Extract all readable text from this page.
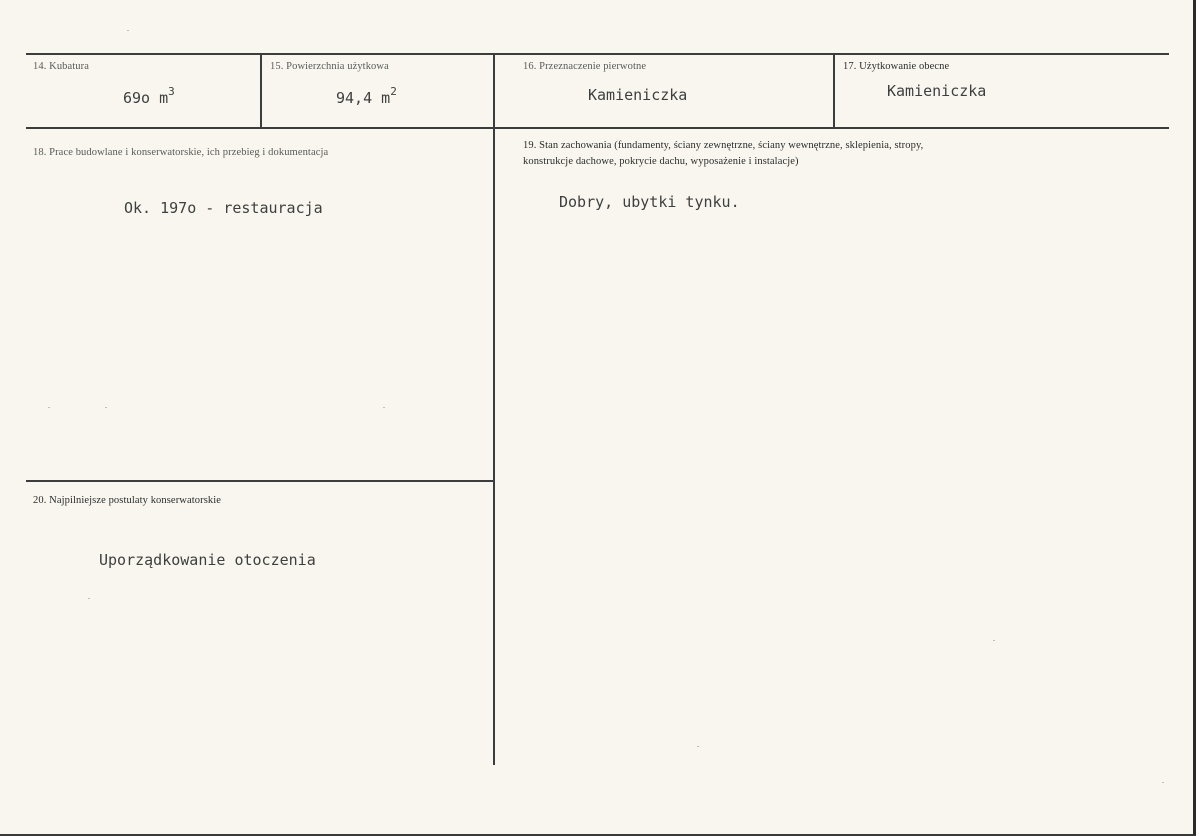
14. Kubatura
69o $m^3$
15. Powierzchnia użytkowa
94,4 $m^2$
16. Przeznaczenie pierwotne
Kamieniczka
17. Użytkowanie obecne
Kamieniczka
18. Prace budowlane i konserwatorskie, ich przebieg i dokumentacja
Ok. 197o - restauracja
19. Stan zachowania (fundamenty, ściany zewnętrzne, ściany wewnętrzne, sklepienia, stropy,
konstrukcje dachowe, pokrycie dachu, wyposażenie i instalacje)
Dobry, ubytki tynku.
20. Najpilniejsze postulaty konserwatorskie
Uporządkowanie otoczenia
